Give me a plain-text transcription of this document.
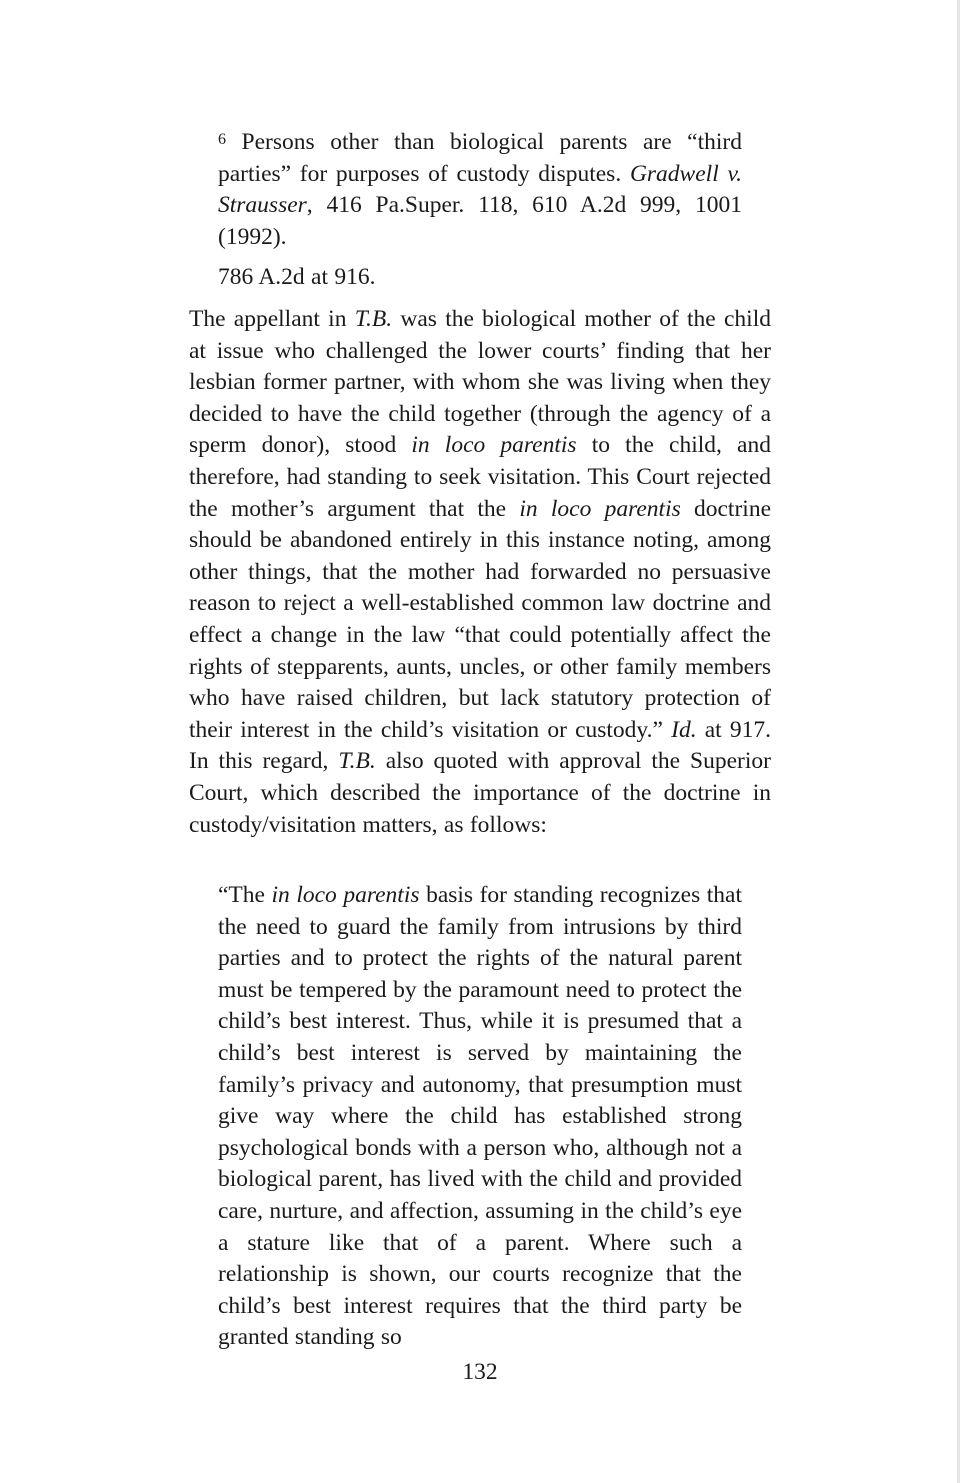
$^6$ Persons other than biological parents are “third parties” for purposes of custody disputes. Gradwell v. Strausser, 416 Pa.Super. 118, 610 A.2d 999, 1001 (1992).

786 A.2d at 916.

The appellant in T.B. was the biological mother of the child at issue who challenged the lower courts’ finding that her lesbian former partner, with whom she was living when they decided to have the child together (through the agency of a sperm donor), stood in loco parentis to the child, and therefore, had standing to seek visitation. This Court rejected the mother’s argument that the in loco parentis doctrine should be abandoned entirely in this instance noting, among other things, that the mother had forwarded no persuasive reason to reject a well-established common law doctrine and effect a change in the law “that could potentially affect the rights of stepparents, aunts, uncles, or other family members who have raised children, but lack statutory protection of their interest in the child’s visitation or custody.” Id. at 917. In this regard, T.B. also quoted with approval the Superior Court, which described the importance of the doctrine in custody/visitation matters, as follows:

“The in loco parentis basis for standing recognizes that the need to guard the family from intrusions by third parties and to protect the rights of the natural parent must be tempered by the paramount need to protect the child’s best interest. Thus, while it is presumed that a child’s best interest is served by maintaining the family’s privacy and autonomy, that presumption must give way where the child has established strong psychological bonds with a person who, although not a biological parent, has lived with the child and provided care, nurture, and affection, assuming in the child’s eye a stature like that of a parent. Where such a relationship is shown, our courts recognize that the child’s best interest requires that the third party be granted standing so

132
